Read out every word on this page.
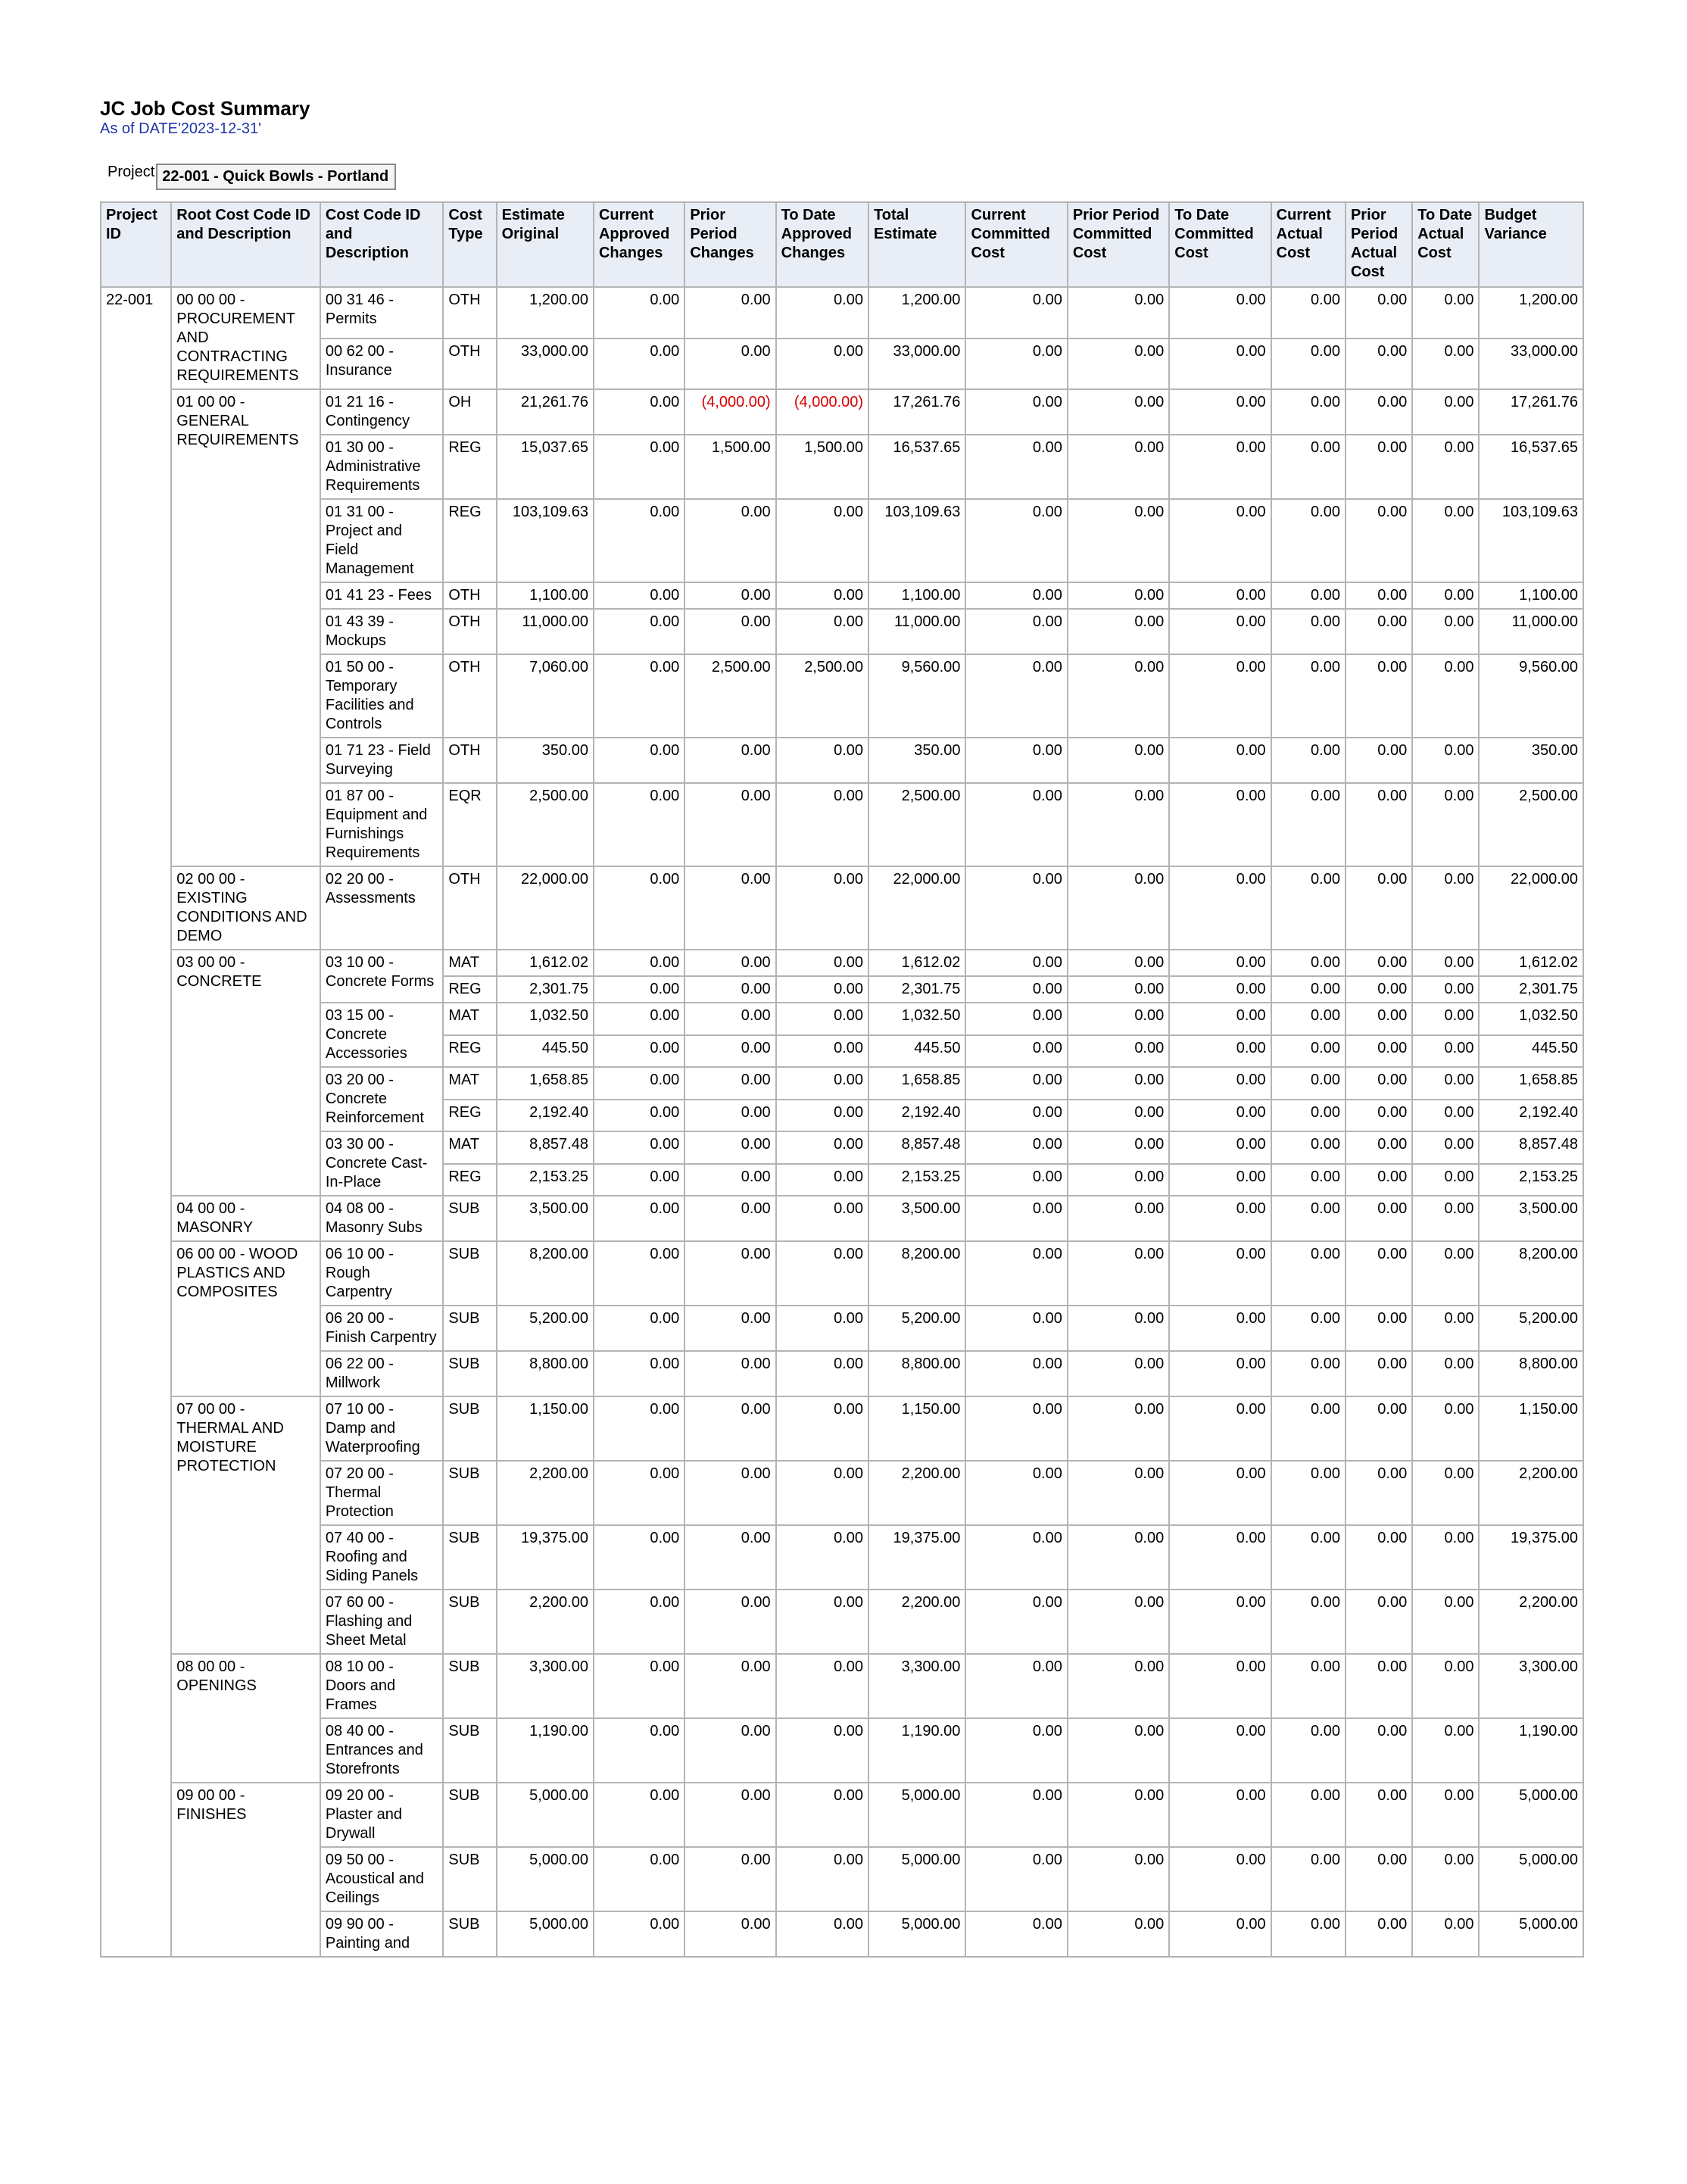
JC Job Cost Summary

As of DATE'2023-12-31'

Project 22-001 - Quick Bowls - Portland
Project ID	Root Cost Code ID and Description	Cost Code ID and Description	Cost Type	Estimate Original	Current Approved Changes	Prior Period Changes	To Date Approved Changes	Total Estimate	Current Committed Cost	Prior Period Committed Cost	To Date Committed Cost	Current Actual Cost	Prior Period Actual Cost	To Date Actual Cost	Budget Variance
22-001	00 00 00 - PROCUREMENT AND CONTRACTING REQUIREMENTS	00 31 46 - Permits	OTH	1,200.00	0.00	0.00	0.00	1,200.00	0.00	0.00	0.00	0.00	0.00	0.00	1,200.00
		00 62 00 - Insurance	OTH	33,000.00	0.00	0.00	0.00	33,000.00	0.00	0.00	0.00	0.00	0.00	0.00	33,000.00
	01 00 00 - GENERAL REQUIREMENTS	01 21 16 - Contingency	OH	21,261.76	0.00	(4,000.00)	(4,000.00)	17,261.76	0.00	0.00	0.00	0.00	0.00	0.00	17,261.76
		01 30 00 - Administrative Requirements	REG	15,037.65	0.00	1,500.00	1,500.00	16,537.65	0.00	0.00	0.00	0.00	0.00	0.00	16,537.65
		01 31 00 - Project and Field Management	REG	103,109.63	0.00	0.00	0.00	103,109.63	0.00	0.00	0.00	0.00	0.00	0.00	103,109.63
		01 41 23 - Fees	OTH	1,100.00	0.00	0.00	0.00	1,100.00	0.00	0.00	0.00	0.00	0.00	0.00	1,100.00
		01 43 39 - Mockups	OTH	11,000.00	0.00	0.00	0.00	11,000.00	0.00	0.00	0.00	0.00	0.00	0.00	11,000.00
		01 50 00 - Temporary Facilities and Controls	OTH	7,060.00	0.00	2,500.00	2,500.00	9,560.00	0.00	0.00	0.00	0.00	0.00	0.00	9,560.00
		01 71 23 - Field Surveying	OTH	350.00	0.00	0.00	0.00	350.00	0.00	0.00	0.00	0.00	0.00	0.00	350.00
		01 87 00 - Equipment and Furnishings Requirements	EQR	2,500.00	0.00	0.00	0.00	2,500.00	0.00	0.00	0.00	0.00	0.00	0.00	2,500.00
	02 00 00 - EXISTING CONDITIONS AND DEMO	02 20 00 - Assessments	OTH	22,000.00	0.00	0.00	0.00	22,000.00	0.00	0.00	0.00	0.00	0.00	0.00	22,000.00
	03 00 00 - CONCRETE	03 10 00 - Concrete Forms	MAT	1,612.02	0.00	0.00	0.00	1,612.02	0.00	0.00	0.00	0.00	0.00	0.00	1,612.02
			REG	2,301.75	0.00	0.00	0.00	2,301.75	0.00	0.00	0.00	0.00	0.00	0.00	2,301.75
		03 15 00 - Concrete Accessories	MAT	1,032.50	0.00	0.00	0.00	1,032.50	0.00	0.00	0.00	0.00	0.00	0.00	1,032.50
			REG	445.50	0.00	0.00	0.00	445.50	0.00	0.00	0.00	0.00	0.00	0.00	445.50
		03 20 00 - Concrete Reinforcement	MAT	1,658.85	0.00	0.00	0.00	1,658.85	0.00	0.00	0.00	0.00	0.00	0.00	1,658.85
			REG	2,192.40	0.00	0.00	0.00	2,192.40	0.00	0.00	0.00	0.00	0.00	0.00	2,192.40
		03 30 00 - Concrete Cast-In-Place	MAT	8,857.48	0.00	0.00	0.00	8,857.48	0.00	0.00	0.00	0.00	0.00	0.00	8,857.48
			REG	2,153.25	0.00	0.00	0.00	2,153.25	0.00	0.00	0.00	0.00	0.00	0.00	2,153.25
	04 00 00 - MASONRY	04 08 00 - Masonry Subs	SUB	3,500.00	0.00	0.00	0.00	3,500.00	0.00	0.00	0.00	0.00	0.00	0.00	3,500.00
	06 00 00 - WOOD PLASTICS AND COMPOSITES	06 10 00 - Rough Carpentry	SUB	8,200.00	0.00	0.00	0.00	8,200.00	0.00	0.00	0.00	0.00	0.00	0.00	8,200.00
		06 20 00 - Finish Carpentry	SUB	5,200.00	0.00	0.00	0.00	5,200.00	0.00	0.00	0.00	0.00	0.00	0.00	5,200.00
		06 22 00 - Millwork	SUB	8,800.00	0.00	0.00	0.00	8,800.00	0.00	0.00	0.00	0.00	0.00	0.00	8,800.00
	07 00 00 - THERMAL AND MOISTURE PROTECTION	07 10 00 - Damp and Waterproofing	SUB	1,150.00	0.00	0.00	0.00	1,150.00	0.00	0.00	0.00	0.00	0.00	0.00	1,150.00
		07 20 00 - Thermal Protection	SUB	2,200.00	0.00	0.00	0.00	2,200.00	0.00	0.00	0.00	0.00	0.00	0.00	2,200.00
		07 40 00 - Roofing and Siding Panels	SUB	19,375.00	0.00	0.00	0.00	19,375.00	0.00	0.00	0.00	0.00	0.00	0.00	19,375.00
		07 60 00 - Flashing and Sheet Metal	SUB	2,200.00	0.00	0.00	0.00	2,200.00	0.00	0.00	0.00	0.00	0.00	0.00	2,200.00
	08 00 00 - OPENINGS	08 10 00 - Doors and Frames	SUB	3,300.00	0.00	0.00	0.00	3,300.00	0.00	0.00	0.00	0.00	0.00	0.00	3,300.00
		08 40 00 - Entrances and Storefronts	SUB	1,190.00	0.00	0.00	0.00	1,190.00	0.00	0.00	0.00	0.00	0.00	0.00	1,190.00
	09 00 00 - FINISHES	09 20 00 - Plaster and Drywall	SUB	5,000.00	0.00	0.00	0.00	5,000.00	0.00	0.00	0.00	0.00	0.00	0.00	5,000.00
		09 50 00 - Acoustical and Ceilings	SUB	5,000.00	0.00	0.00	0.00	5,000.00	0.00	0.00	0.00	0.00	0.00	0.00	5,000.00
		09 90 00 - Painting and	SUB	5,000.00	0.00	0.00	0.00	5,000.00	0.00	0.00	0.00	0.00	0.00	0.00	5,000.00
